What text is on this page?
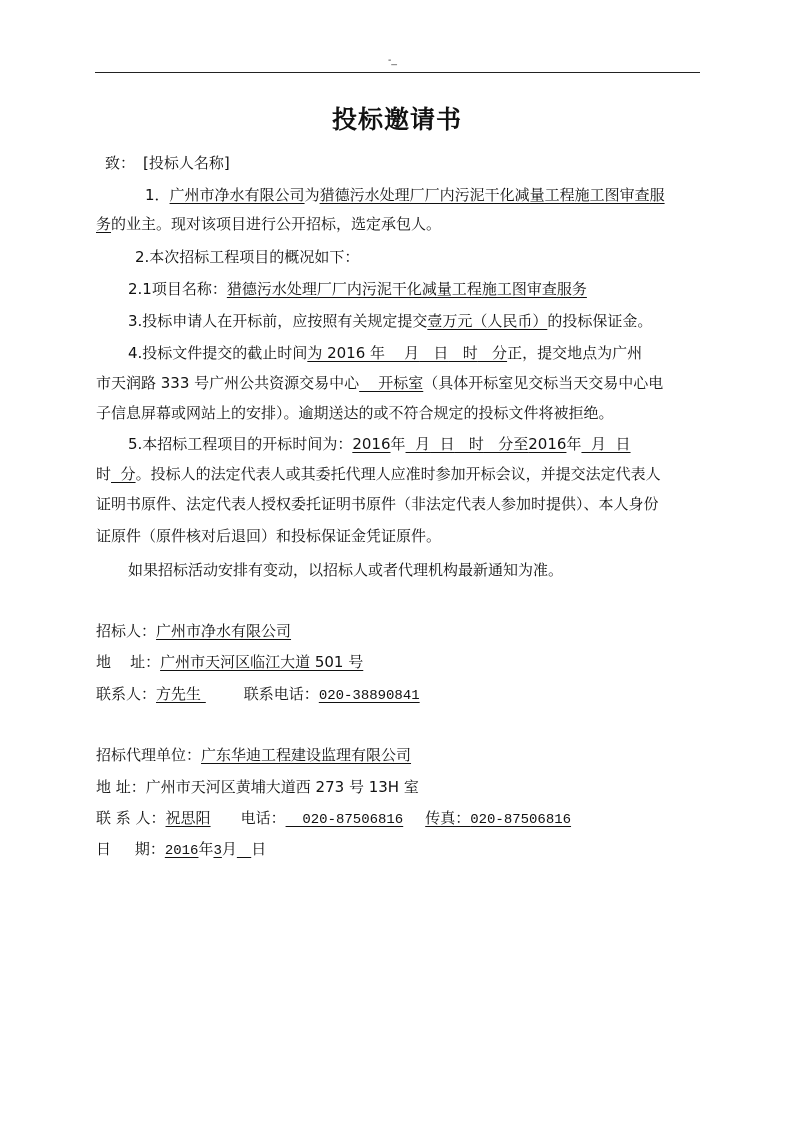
-_
投标邀请书
致： [投标人名称]
1．广州市净水有限公司为猎德污水处理厂厂内污泥干化减量工程施工图审查服
务的业主。现对该项目进行公开招标，选定承包人。
2.本次招标工程项目的概况如下：
2.1项目名称：猎德污水处理厂厂内污泥干化减量工程施工图审查服务
3.投标申请人在开标前，应按照有关规定提交壹万元（人民币）的投标保证金。
4.投标文件提交的截止时间为 2016 年    月   日   时   分正，提交地点为广州
市天润路 333 号广州公共资源交易中心    开标室（具体开标室见交标当天交易中心电
子信息屏幕或网站上的安排）。逾期送达的或不符合规定的投标文件将被拒绝。
5.本招标工程项目的开标时间为：2016年  月  日   时   分至2016年  月  日
时  分。投标人的法定代表人或其委托代理人应准时参加开标会议，并提交法定代表人
证明书原件、法定代表人授权委托证明书原件（非法定代表人参加时提供）、本人身份
证原件（原件核对后退回）和投标保证金凭证原件。
如果招标活动安排有变动，以招标人或者代理机构最新通知为准。
招标人：广州市净水有限公司
地    址：广州市天河区临江大道 501 号
联系人：方先生	联系电话：020-38890841
招标代理单位：广东华迪工程建设监理有限公司
地 址：广州市天河区黄埔大道西 273 号 13H 室
联 系 人：祝思阳 电话：  020-87506816 传真：020-87506816
日     期：2016年3月 日
